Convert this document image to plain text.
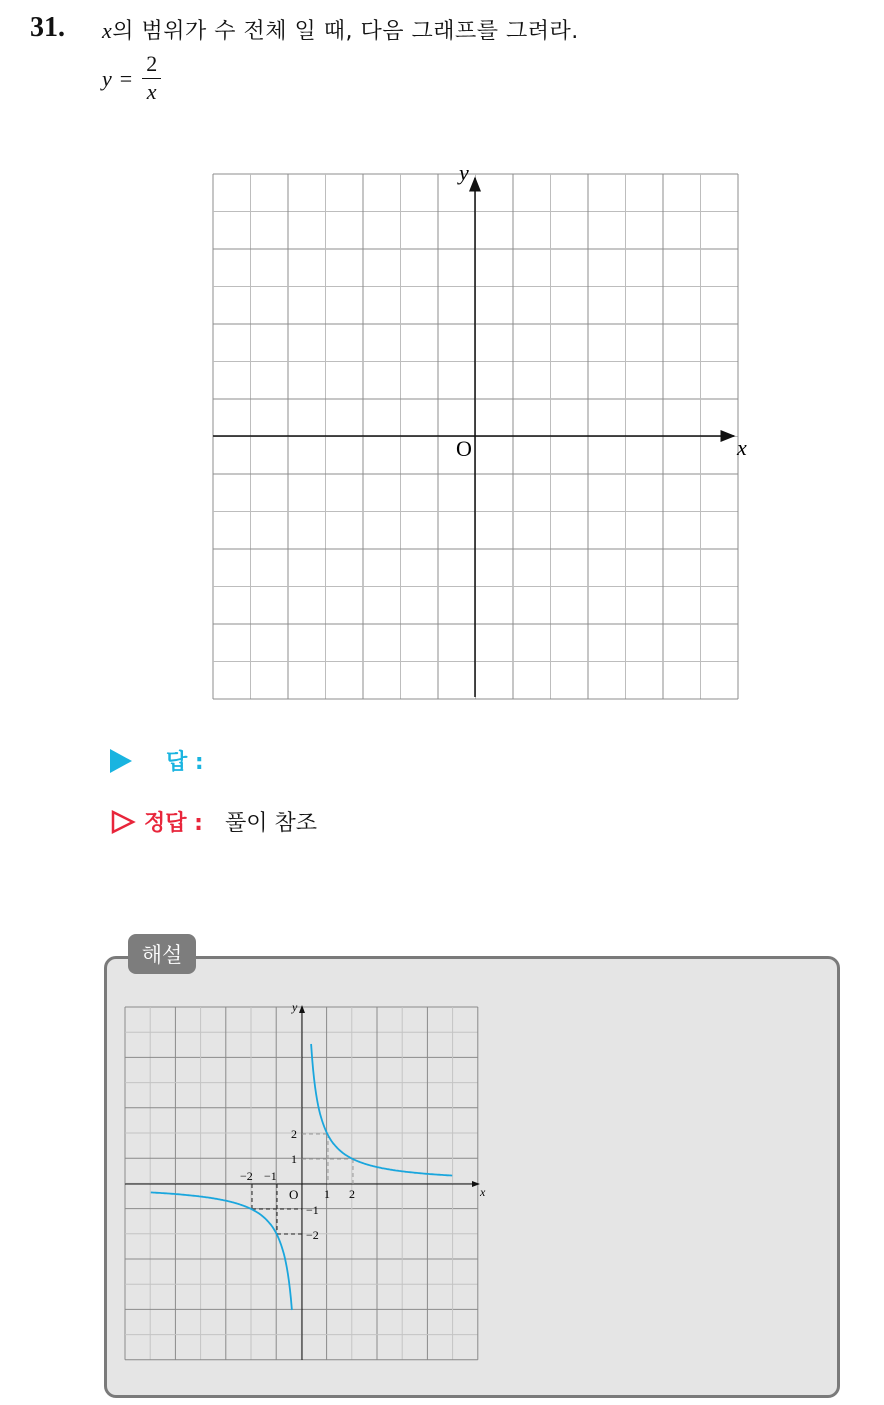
31. x의 범위가 수 전체 일 때, 다음 그래프를 그려라.
$y = \frac{2}{x}$
x
y
O
답 :
정답 : 풀이 참조
해설
x
y
O
−2 −1
1 2
2
1
−1
−2
